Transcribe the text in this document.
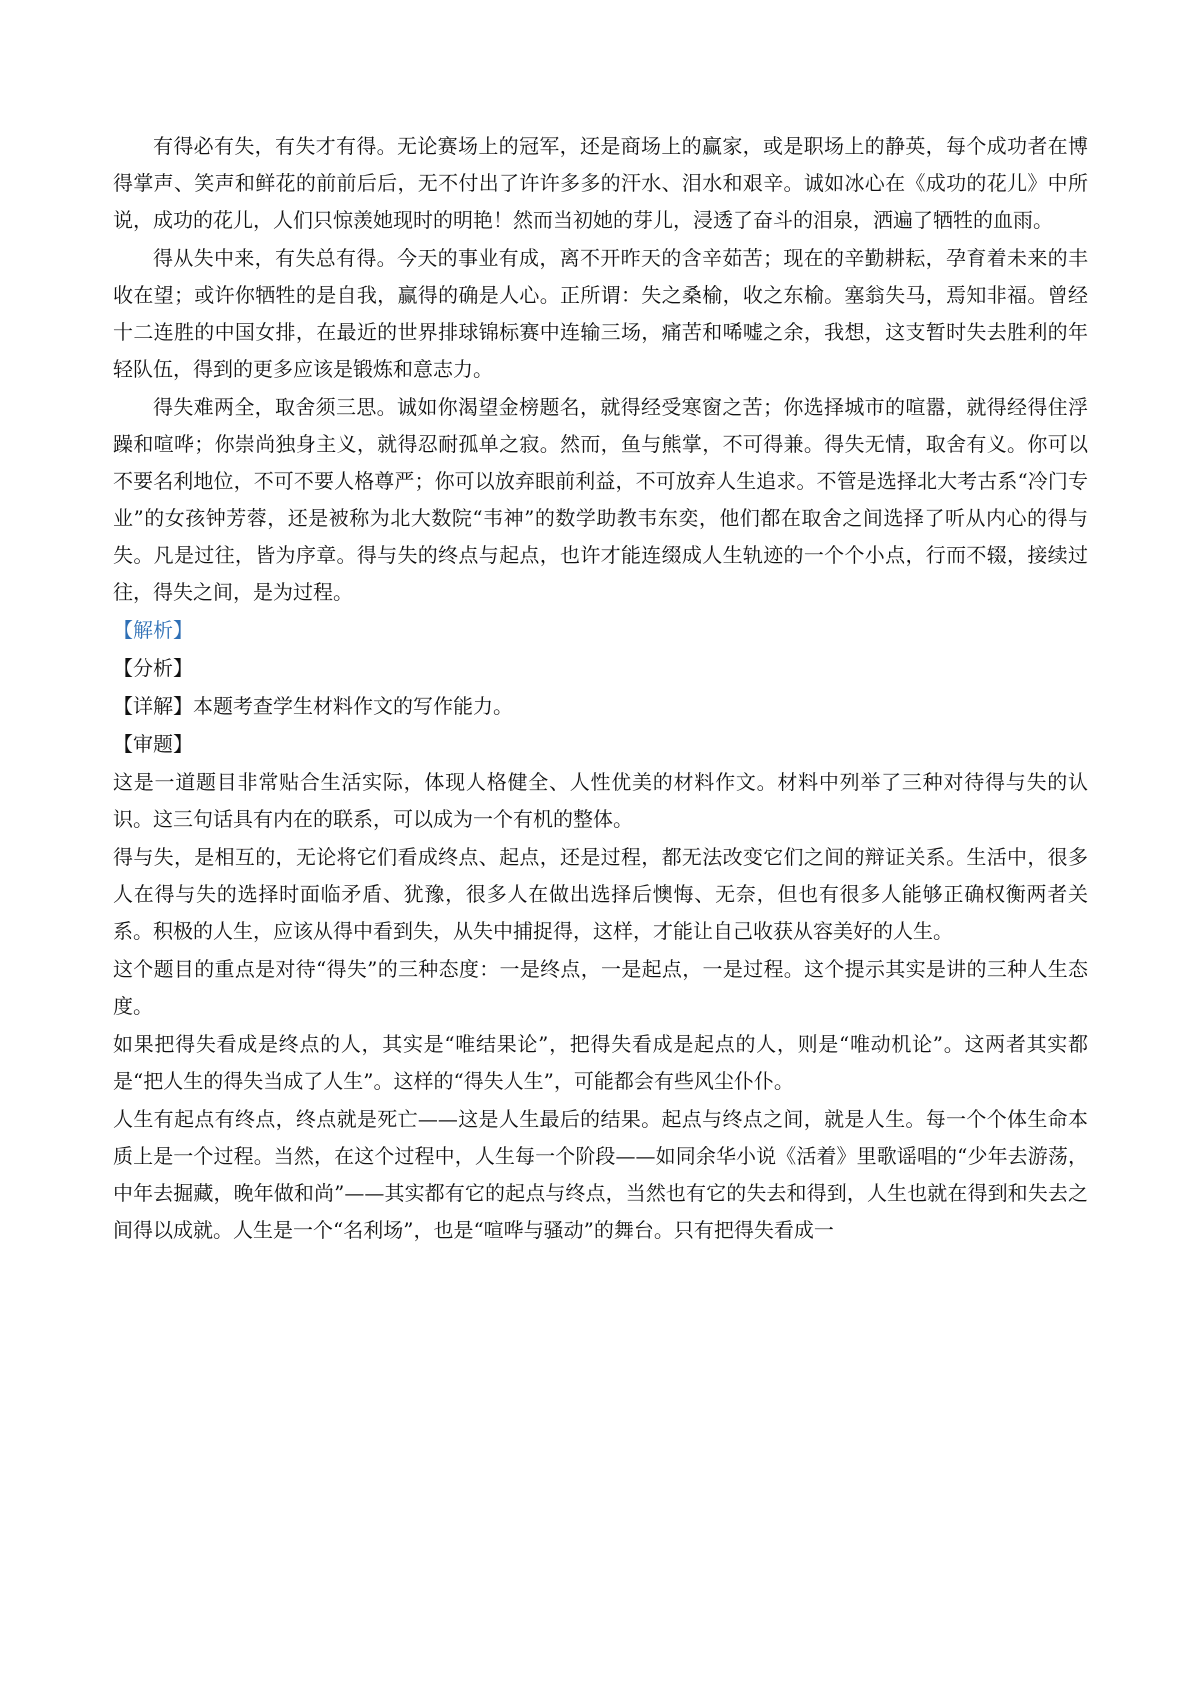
有得必有失，有失才有得。无论赛场上的冠军，还是商场上的赢家，或是职场上的静英，每个成功者在博得掌声、笑声和鲜花的前前后后，无不付出了许许多多的汗水、泪水和艰辛。诚如冰心在《成功的花儿》中所说，成功的花儿，人们只惊羡她现时的明艳！然而当初她的芽儿，浸透了奋斗的泪泉，洒遍了牺牲的血雨。

得从失中来，有失总有得。今天的事业有成，离不开昨天的含辛茹苦；现在的辛勤耕耘，孕育着未来的丰收在望；或许你牺牲的是自我，赢得的确是人心。正所谓：失之桑榆，收之东榆。塞翁失马，焉知非福。曾经十二连胜的中国女排，在最近的世界排球锦标赛中连输三场，痛苦和唏嘘之余，我想，这支暂时失去胜利的年轻队伍，得到的更多应该是锻炼和意志力。

得失难两全，取舍须三思。诚如你渴望金榜题名，就得经受寒窗之苦；你选择城市的喧嚣，就得经得住浮躁和喧哗；你崇尚独身主义，就得忍耐孤单之寂。然而，鱼与熊掌，不可得兼。得失无情，取舍有义。你可以不要名利地位，不可不要人格尊严；你可以放弃眼前利益，不可放弃人生追求。不管是选择北大考古系“冷门专业”的女孩钟芳蓉，还是被称为北大数院“韦神”的数学助教韦东奕，他们都在取舍之间选择了听从内心的得与失。凡是过往，皆为序章。得与失的终点与起点，也许才能连缀成人生轨迹的一个个小点，行而不辍，接续过往，得失之间，是为过程。

【解析】

【分析】

【详解】本题考查学生材料作文的写作能力。

【审题】

这是一道题目非常贴合生活实际，体现人格健全、人性优美的材料作文。材料中列举了三种对待得与失的认识。这三句话具有内在的联系，可以成为一个有机的整体。

得与失，是相互的，无论将它们看成终点、起点，还是过程，都无法改变它们之间的辩证关系。生活中，很多人在得与失的选择时面临矛盾、犹豫，很多人在做出选择后懊悔、无奈，但也有很多人能够正确权衡两者关系。积极的人生，应该从得中看到失，从失中捕捉得，这样，才能让自己收获从容美好的人生。

这个题目的重点是对待“得失”的三种态度：一是终点，一是起点，一是过程。这个提示其实是讲的三种人生态度。

如果把得失看成是终点的人，其实是“唯结果论”，把得失看成是起点的人，则是“唯动机论”。这两者其实都是“把人生的得失当成了人生”。这样的“得失人生”，可能都会有些风尘仆仆。

人生有起点有终点，终点就是死亡——这是人生最后的结果。起点与终点之间，就是人生。每一个个体生命本质上是一个过程。当然，在这个过程中，人生每一个阶段——如同余华小说《活着》里歌谣唱的“少年去游荡，中年去掘藏，晚年做和尚”——其实都有它的起点与终点，当然也有它的失去和得到，人生也就在得到和失去之间得以成就。人生是一个“名利场”，也是“喧哗与骚动”的舞台。只有把得失看成一
